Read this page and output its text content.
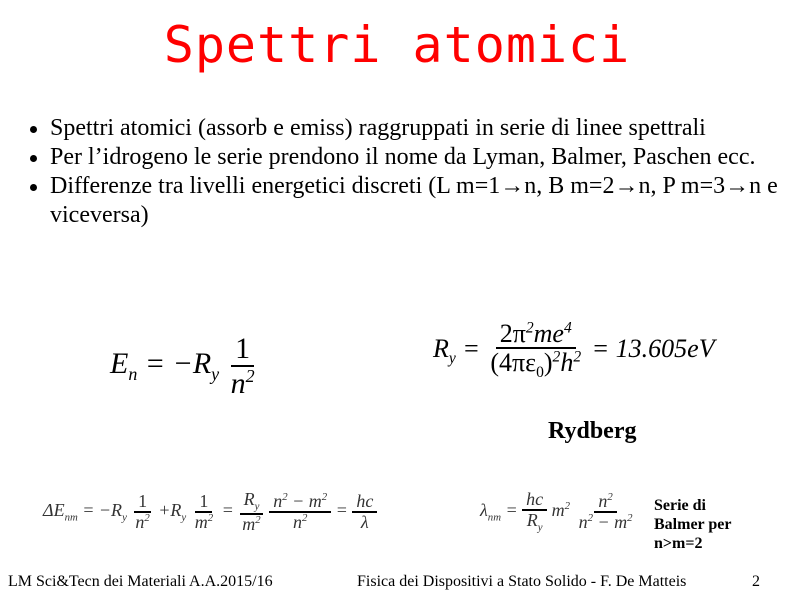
Spettri atomici
Spettri atomici (assorb e emiss) raggruppati in serie di linee spettrali
Per l’idrogeno le serie prendono il nome da Lyman, Balmer, Paschen ecc.
Differenze tra livelli energetici discreti (L m=1→n, B m=2→n, P m=3→n e viceversa)
$E_n = -R_y \frac{1}{n^2}$	$R_y = \frac{2\pi^2me^4}{(4\pi\varepsilon_0)^2h^2} = 13.605eV$
Rydberg
$\Delta E_{nm} = -R_y \frac{1}{n^2} +R_y \frac{1}{m^2} = \frac{R_y}{m^2}$
$\frac{n^2 - m^2}{n^2} = \frac{hc}{\lambda}$	$\lambda_{nm} = \frac{hc}{R_y} m^2 \frac{n^2}{n^2 - m^2}$ Serie di
Balmer per
n>m=2
LM Sci&Tecn dei Materiali A.A.2015/16	Fisica dei Dispositivi a Stato Solido - F. De Matteis	2
